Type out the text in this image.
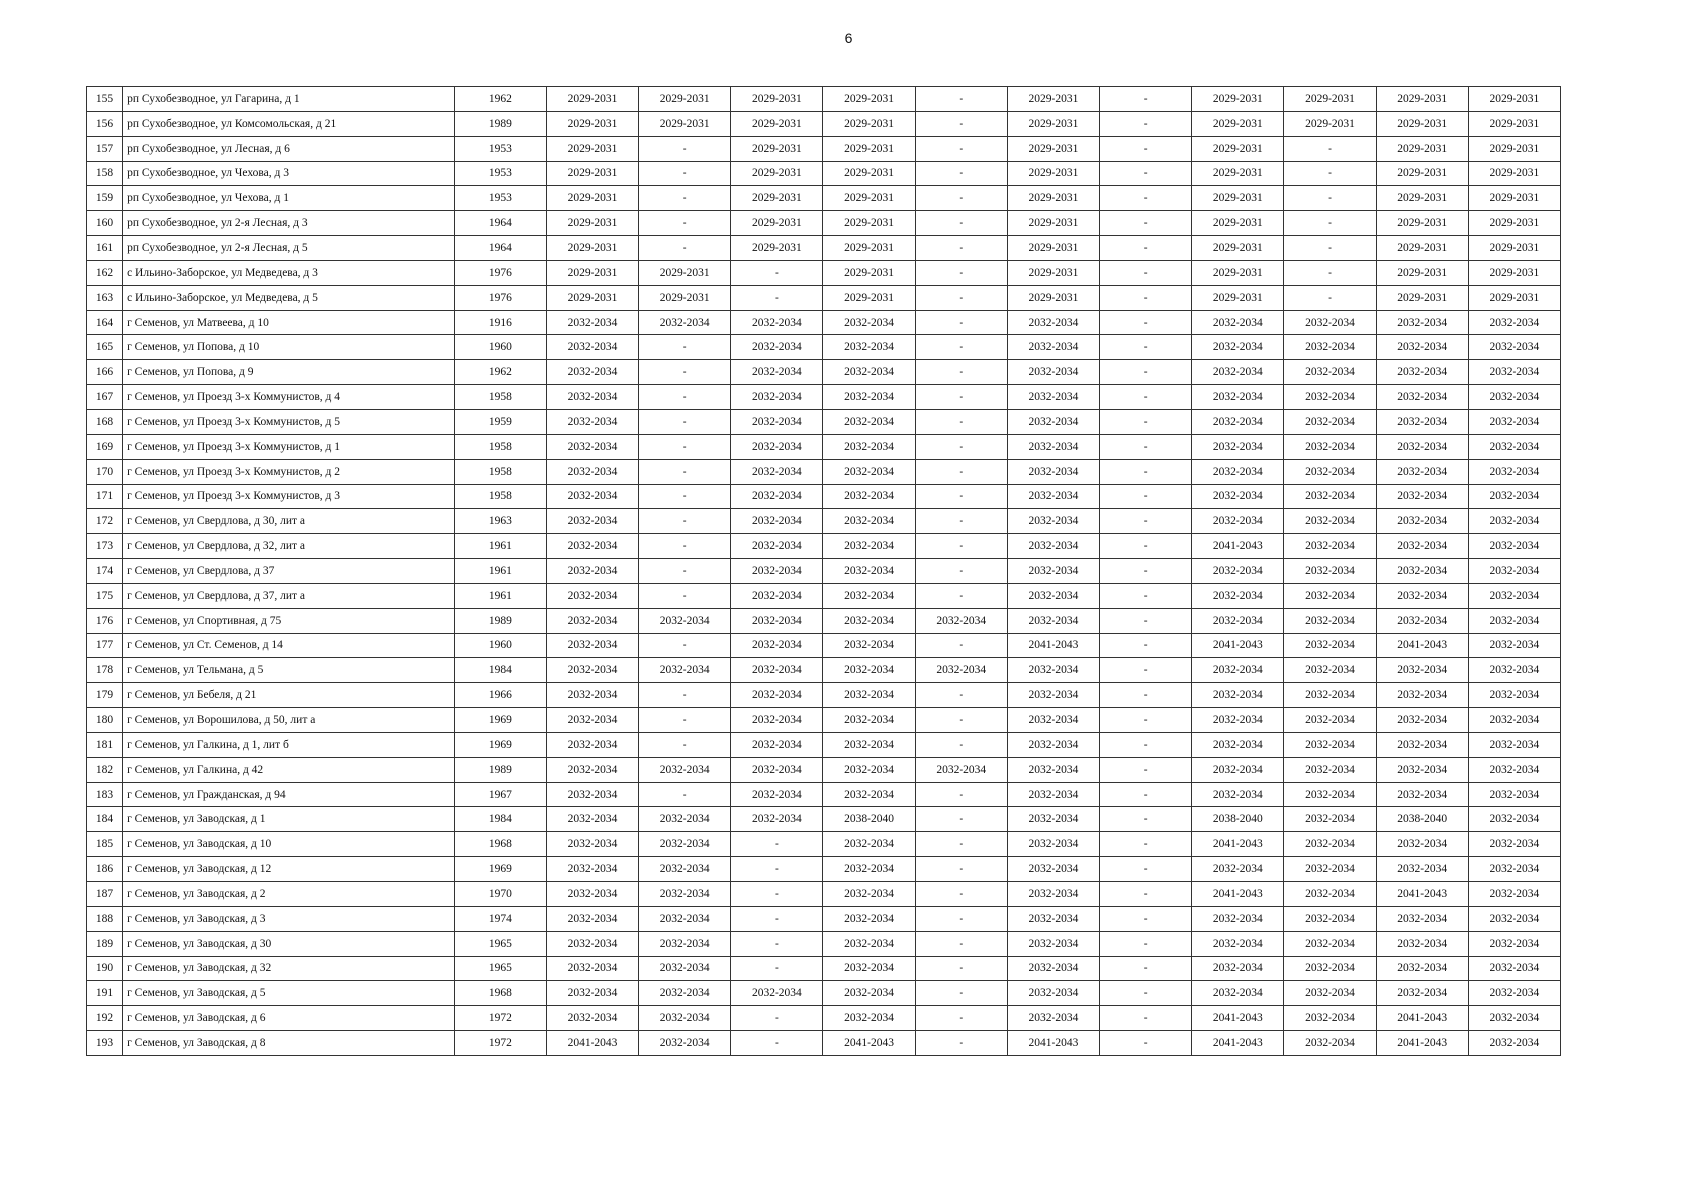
6
155	рп Сухобезводное, ул Гагарина, д 1	1962	2029-2031	2029-2031	2029-2031	2029-2031	-	2029-2031	-	2029-2031	2029-2031	2029-2031	2029-2031
156	рп Сухобезводное, ул Комсомольская, д 21	1989	2029-2031	2029-2031	2029-2031	2029-2031	-	2029-2031	-	2029-2031	2029-2031	2029-2031	2029-2031
157	рп Сухобезводное, ул Лесная, д 6	1953	2029-2031	-	2029-2031	2029-2031	-	2029-2031	-	2029-2031	-	2029-2031	2029-2031
158	рп Сухобезводное, ул Чехова, д 3	1953	2029-2031	-	2029-2031	2029-2031	-	2029-2031	-	2029-2031	-	2029-2031	2029-2031
159	рп Сухобезводное, ул Чехова, д 1	1953	2029-2031	-	2029-2031	2029-2031	-	2029-2031	-	2029-2031	-	2029-2031	2029-2031
160	рп Сухобезводное, ул 2-я Лесная, д 3	1964	2029-2031	-	2029-2031	2029-2031	-	2029-2031	-	2029-2031	-	2029-2031	2029-2031
161	рп Сухобезводное, ул 2-я Лесная, д 5	1964	2029-2031	-	2029-2031	2029-2031	-	2029-2031	-	2029-2031	-	2029-2031	2029-2031
162	с Ильино-Заборское, ул Медведева, д 3	1976	2029-2031	2029-2031	-	2029-2031	-	2029-2031	-	2029-2031	-	2029-2031	2029-2031
163	с Ильино-Заборское, ул Медведева, д 5	1976	2029-2031	2029-2031	-	2029-2031	-	2029-2031	-	2029-2031	-	2029-2031	2029-2031
164	г Семенов, ул Матвеева, д 10	1916	2032-2034	2032-2034	2032-2034	2032-2034	-	2032-2034	-	2032-2034	2032-2034	2032-2034	2032-2034
165	г Семенов, ул Попова, д 10	1960	2032-2034	-	2032-2034	2032-2034	-	2032-2034	-	2032-2034	2032-2034	2032-2034	2032-2034
166	г Семенов, ул Попова, д 9	1962	2032-2034	-	2032-2034	2032-2034	-	2032-2034	-	2032-2034	2032-2034	2032-2034	2032-2034
167	г Семенов, ул Проезд 3-х Коммунистов, д 4	1958	2032-2034	-	2032-2034	2032-2034	-	2032-2034	-	2032-2034	2032-2034	2032-2034	2032-2034
168	г Семенов, ул Проезд 3-х Коммунистов, д 5	1959	2032-2034	-	2032-2034	2032-2034	-	2032-2034	-	2032-2034	2032-2034	2032-2034	2032-2034
169	г Семенов, ул Проезд 3-х Коммунистов, д 1	1958	2032-2034	-	2032-2034	2032-2034	-	2032-2034	-	2032-2034	2032-2034	2032-2034	2032-2034
170	г Семенов, ул Проезд 3-х Коммунистов, д 2	1958	2032-2034	-	2032-2034	2032-2034	-	2032-2034	-	2032-2034	2032-2034	2032-2034	2032-2034
171	г Семенов, ул Проезд 3-х Коммунистов, д 3	1958	2032-2034	-	2032-2034	2032-2034	-	2032-2034	-	2032-2034	2032-2034	2032-2034	2032-2034
172	г Семенов, ул Свердлова, д 30, лит а	1963	2032-2034	-	2032-2034	2032-2034	-	2032-2034	-	2032-2034	2032-2034	2032-2034	2032-2034
173	г Семенов, ул Свердлова, д 32, лит а	1961	2032-2034	-	2032-2034	2032-2034	-	2032-2034	-	2041-2043	2032-2034	2032-2034	2032-2034
174	г Семенов, ул Свердлова, д 37	1961	2032-2034	-	2032-2034	2032-2034	-	2032-2034	-	2032-2034	2032-2034	2032-2034	2032-2034
175	г Семенов, ул Свердлова, д 37, лит а	1961	2032-2034	-	2032-2034	2032-2034	-	2032-2034	-	2032-2034	2032-2034	2032-2034	2032-2034
176	г Семенов, ул Спортивная, д 75	1989	2032-2034	2032-2034	2032-2034	2032-2034	2032-2034	2032-2034	-	2032-2034	2032-2034	2032-2034	2032-2034
177	г Семенов, ул Ст. Семенов, д 14	1960	2032-2034	-	2032-2034	2032-2034	-	2041-2043	-	2041-2043	2032-2034	2041-2043	2032-2034
178	г Семенов, ул Тельмана, д 5	1984	2032-2034	2032-2034	2032-2034	2032-2034	2032-2034	2032-2034	-	2032-2034	2032-2034	2032-2034	2032-2034
179	г Семенов, ул Бебеля, д 21	1966	2032-2034	-	2032-2034	2032-2034	-	2032-2034	-	2032-2034	2032-2034	2032-2034	2032-2034
180	г Семенов, ул Ворошилова, д 50, лит а	1969	2032-2034	-	2032-2034	2032-2034	-	2032-2034	-	2032-2034	2032-2034	2032-2034	2032-2034
181	г Семенов, ул Галкина, д 1, лит б	1969	2032-2034	-	2032-2034	2032-2034	-	2032-2034	-	2032-2034	2032-2034	2032-2034	2032-2034
182	г Семенов, ул Галкина, д 42	1989	2032-2034	2032-2034	2032-2034	2032-2034	2032-2034	2032-2034	-	2032-2034	2032-2034	2032-2034	2032-2034
183	г Семенов, ул Гражданская, д 94	1967	2032-2034	-	2032-2034	2032-2034	-	2032-2034	-	2032-2034	2032-2034	2032-2034	2032-2034
184	г Семенов, ул Заводская, д 1	1984	2032-2034	2032-2034	2032-2034	2038-2040	-	2032-2034	-	2038-2040	2032-2034	2038-2040	2032-2034
185	г Семенов, ул Заводская, д 10	1968	2032-2034	2032-2034	-	2032-2034	-	2032-2034	-	2041-2043	2032-2034	2032-2034	2032-2034
186	г Семенов, ул Заводская, д 12	1969	2032-2034	2032-2034	-	2032-2034	-	2032-2034	-	2032-2034	2032-2034	2032-2034	2032-2034
187	г Семенов, ул Заводская, д 2	1970	2032-2034	2032-2034	-	2032-2034	-	2032-2034	-	2041-2043	2032-2034	2041-2043	2032-2034
188	г Семенов, ул Заводская, д 3	1974	2032-2034	2032-2034	-	2032-2034	-	2032-2034	-	2032-2034	2032-2034	2032-2034	2032-2034
189	г Семенов, ул Заводская, д 30	1965	2032-2034	2032-2034	-	2032-2034	-	2032-2034	-	2032-2034	2032-2034	2032-2034	2032-2034
190	г Семенов, ул Заводская, д 32	1965	2032-2034	2032-2034	-	2032-2034	-	2032-2034	-	2032-2034	2032-2034	2032-2034	2032-2034
191	г Семенов, ул Заводская, д 5	1968	2032-2034	2032-2034	2032-2034	2032-2034	-	2032-2034	-	2032-2034	2032-2034	2032-2034	2032-2034
192	г Семенов, ул Заводская, д 6	1972	2032-2034	2032-2034	-	2032-2034	-	2032-2034	-	2041-2043	2032-2034	2041-2043	2032-2034
193	г Семенов, ул Заводская, д 8	1972	2041-2043	2032-2034	-	2041-2043	-	2041-2043	-	2041-2043	2032-2034	2041-2043	2032-2034
